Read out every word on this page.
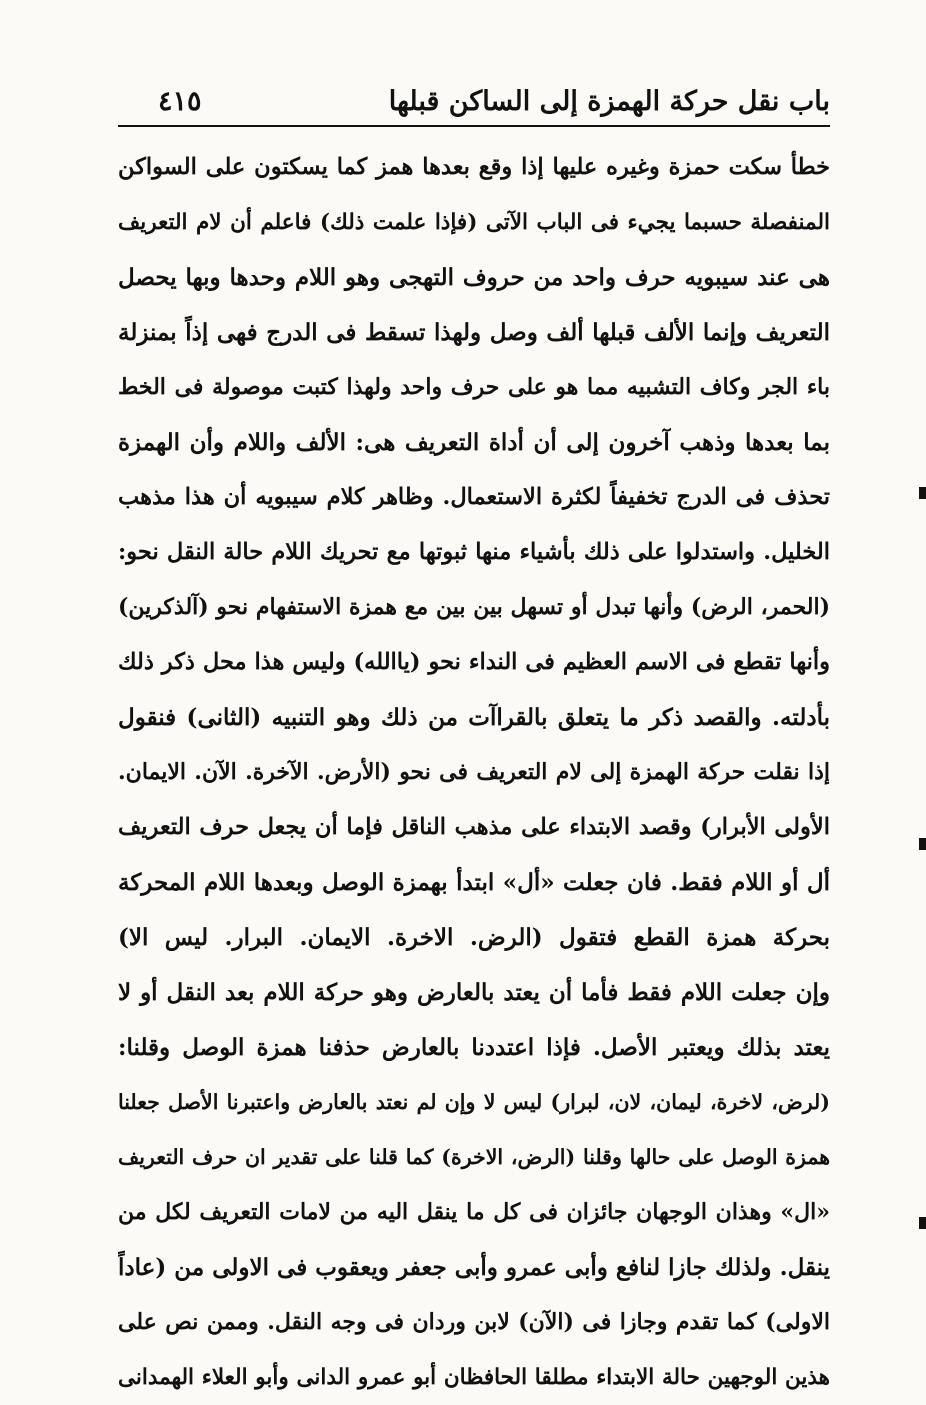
باب نقل حركة الهمزة إلى الساكن قبلها
٤١٥
خطأ سكت حمزة وغيره عليها إذا وقع بعدها همز كما يسكتون على السواكن
المنفصلة حسبما يجيء فى الباب الآتى (فإذا علمت ذلك) فاعلم أن لام التعريف
هى عند سيبويه حرف واحد من حروف التهجى وهو اللام وحدها وبها يحصل
التعريف وإنما الألف قبلها ألف وصل ولهذا تسقط فى الدرج فهى إذاً بمنزلة
باء الجر وكاف التشبيه مما هو على حرف واحد ولهذا كتبت موصولة فى الخط
بما بعدها وذهب آخرون إلى أن أداة التعريف هى: الألف واللام وأن الهمزة
تحذف فى الدرج تخفيفاً لكثرة الاستعمال. وظاهر كلام سيبويه أن هذا مذهب
الخليل. واستدلوا على ذلك بأشياء منها ثبوتها مع تحريك اللام حالة النقل نحو:
(الحمر، الرض) وأنها تبدل أو تسهل بين بين مع همزة الاستفهام نحو (آلذكرين)
وأنها تقطع فى الاسم العظيم فى النداء نحو (ياالله) وليس هذا محل ذكر ذلك
بأدلته. والقصد ذكر ما يتعلق بالقراآت من ذلك وهو التنبيه (الثانى) فنقول
إذا نقلت حركة الهمزة إلى لام التعريف فى نحو (الأرض. الآخرة. الآن. الايمان.
الأولى الأبرار) وقصد الابتداء على مذهب الناقل فإما أن يجعل حرف التعريف
أل أو اللام فقط. فان جعلت «أل» ابتدأ بهمزة الوصل وبعدها اللام المحركة
بحركة همزة القطع فتقول (الرض. الاخرة. الايمان. البرار. ليس الا)
وإن جعلت اللام فقط فأما أن يعتد بالعارض وهو حركة اللام بعد النقل أو لا
يعتد بذلك ويعتبر الأصل. فإذا اعتددنا بالعارض حذفنا همزة الوصل وقلنا:
(لرض، لاخرة، ليمان، لان، لبرار) ليس لا وإن لم نعتد بالعارض واعتبرنا الأصل جعلنا
همزة الوصل على حالها وقلنا (الرض، الاخرة) كما قلنا على تقدير ان حرف التعريف
«ال» وهذان الوجهان جائزان فى كل ما ينقل اليه من لامات التعريف لكل من
ينقل. ولذلك جازا لنافع وأبى عمرو وأبى جعفر ويعقوب فى الاولى من (عاداً
الاولى) كما تقدم وجازا فى (الآن) لابن وردان فى وجه النقل. وممن نص على
هذين الوجهين حالة الابتداء مطلقا الحافظان أبو عمرو الدانى وأبو العلاء الهمدانى
